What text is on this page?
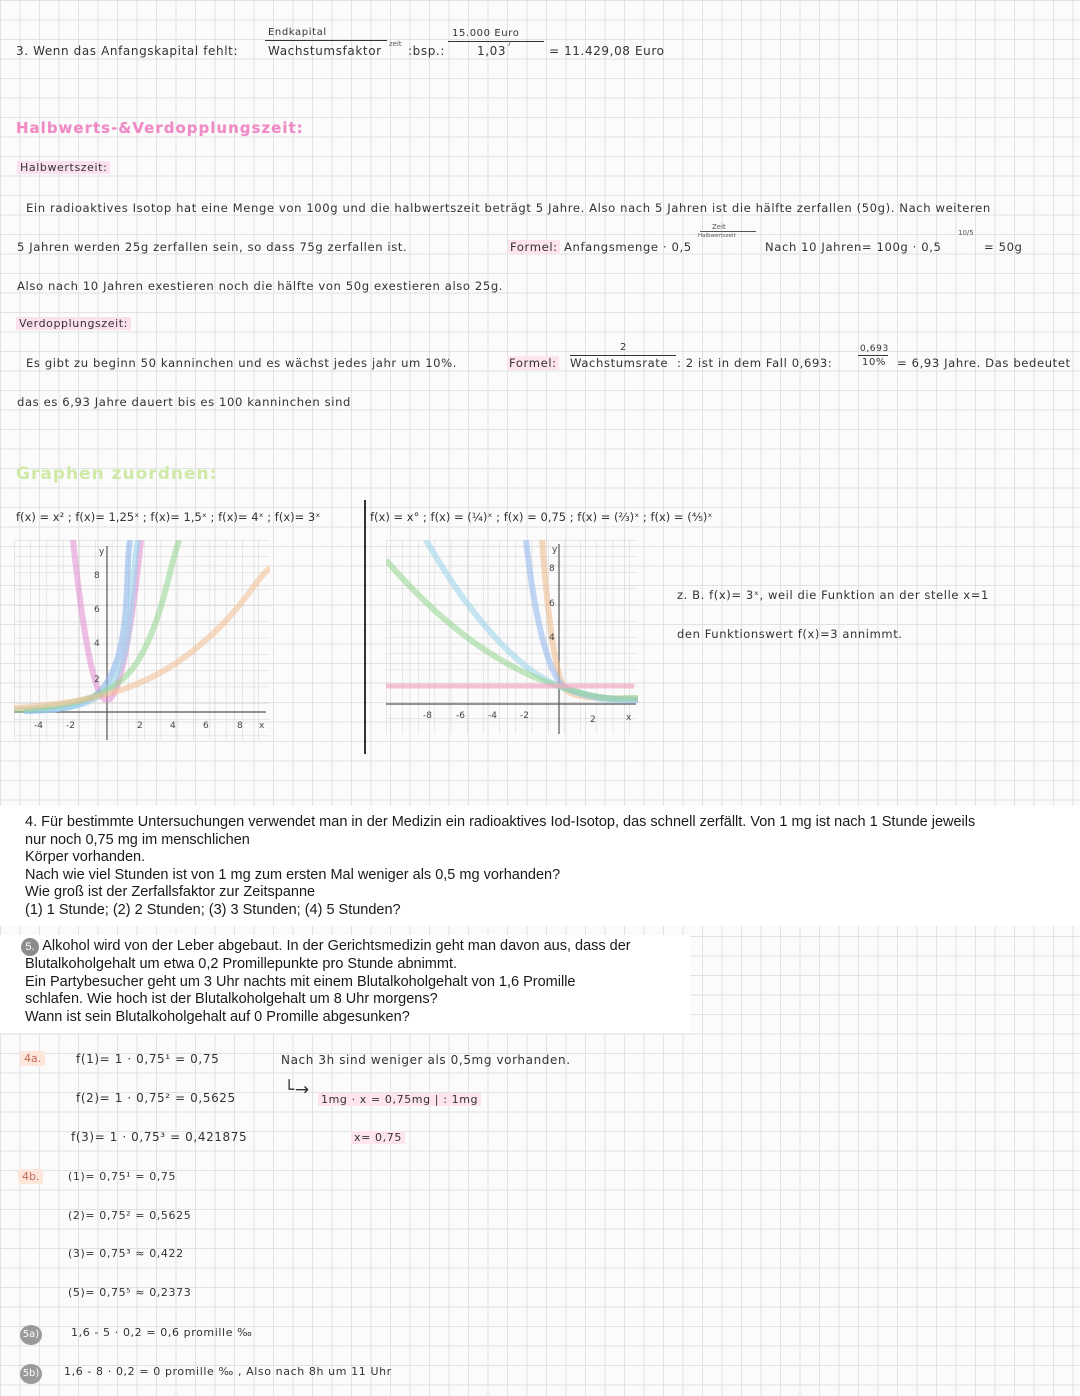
3. Wenn das Anfangskapital fehlt:
Endkapital
Wachstumsfaktor zeit :bsp.:
15.000 Euro
1,03 7	= 11.429,08 Euro
Halbwerts-&Verdopplungszeit:
Halbwertszeit:
Ein radioaktives Isotop hat eine Menge von 100g und die halbwertszeit beträgt 5 Jahre. Also nach 5 Jahren ist die hälfte zerfallen (50g). Nach weiteren
5 Jahren werden 25g zerfallen sein, so dass 75g zerfallen ist.	Formel: Anfangsmenge · 0,5
Zeit
Halbwertszeit
Nach 10 Jahren= 100g · 0,5
10/5
= 50g
Also nach 10 Jahren exestieren noch die hälfte von 50g exestieren also 25g.
Verdopplungszeit:
Es gibt zu beginn 50 kanninchen und es wächst jedes jahr um 10%.	Formel:
2
Wachstumsrate : 2 ist in dem Fall 0,693:
0,693
10% = 6,93 Jahre. Das bedeutet
das es 6,93 Jahre dauert bis es 100 kanninchen sind
Graphen zuordnen:
f(x) = x² ; f(x)= 1,25ˣ ; f(x)= 1,5ˣ ; f(x)= 4ˣ ; f(x)= 3ˣ	f(x) = x° ; f(x) = (¼)ˣ ; f(x) = 0,75 ; f(x) = (⅔)ˣ ; f(x) = (⅘)ˣ
y
8
6
4
2
-4	-2	2	4	6	8 x
y
8
6
4
-8	-6	-4	-2	2	x
z. B. f(x)= 3ˣ, weil die Funktion an der stelle x=1
den Funktionswert f(x)=3 annimmt.
4. Für bestimmte Untersuchungen verwendet man in der Medizin ein radioaktives Iod-Isotop, das schnell zerfällt. Von 1 mg ist nach 1 Stunde jeweils
nur noch 0,75 mg im menschlichen
Körper vorhanden.
Nach wie viel Stunden ist von 1 mg zum ersten Mal weniger als 0,5 mg vorhanden?
Wie groß ist der Zerfallsfaktor zur Zeitspanne
(1) 1 Stunde; (2) 2 Stunden; (3) 3 Stunden; (4) 5 Stunden?
5. Alkohol wird von der Leber abgebaut. In der Gerichtsmedizin geht man davon aus, dass der
Blutalkoholgehalt um etwa 0,2 Promillepunkte pro Stunde abnimmt.
Ein Partybesucher geht um 3 Uhr nachts mit einem Blutalkoholgehalt von 1,6 Promille
schlafen. Wie hoch ist der Blutalkoholgehalt um 8 Uhr morgens?
Wann ist sein Blutalkoholgehalt auf 0 Promille abgesunken?
4a.	f(1)= 1 · 0,75¹ = 0,75
f(2)= 1 · 0,75² = 0,5625
f(3)= 1 · 0,75³ = 0,421875
Nach 3h sind weniger als 0,5mg vorhanden.
└→ 1mg · x = 0,75mg | : 1mg
x= 0,75
4b.	(1)= 0,75¹ = 0,75
(2)= 0,75² = 0,5625
(3)= 0,75³ ≈ 0,422
(5)= 0,75⁵ ≈ 0,2373
5a)	1,6 - 5 · 0,2 = 0,6 promille ‰
5b) 1,6 - 8 · 0,2 = 0 promille ‰ , Also nach 8h um 11 Uhr
